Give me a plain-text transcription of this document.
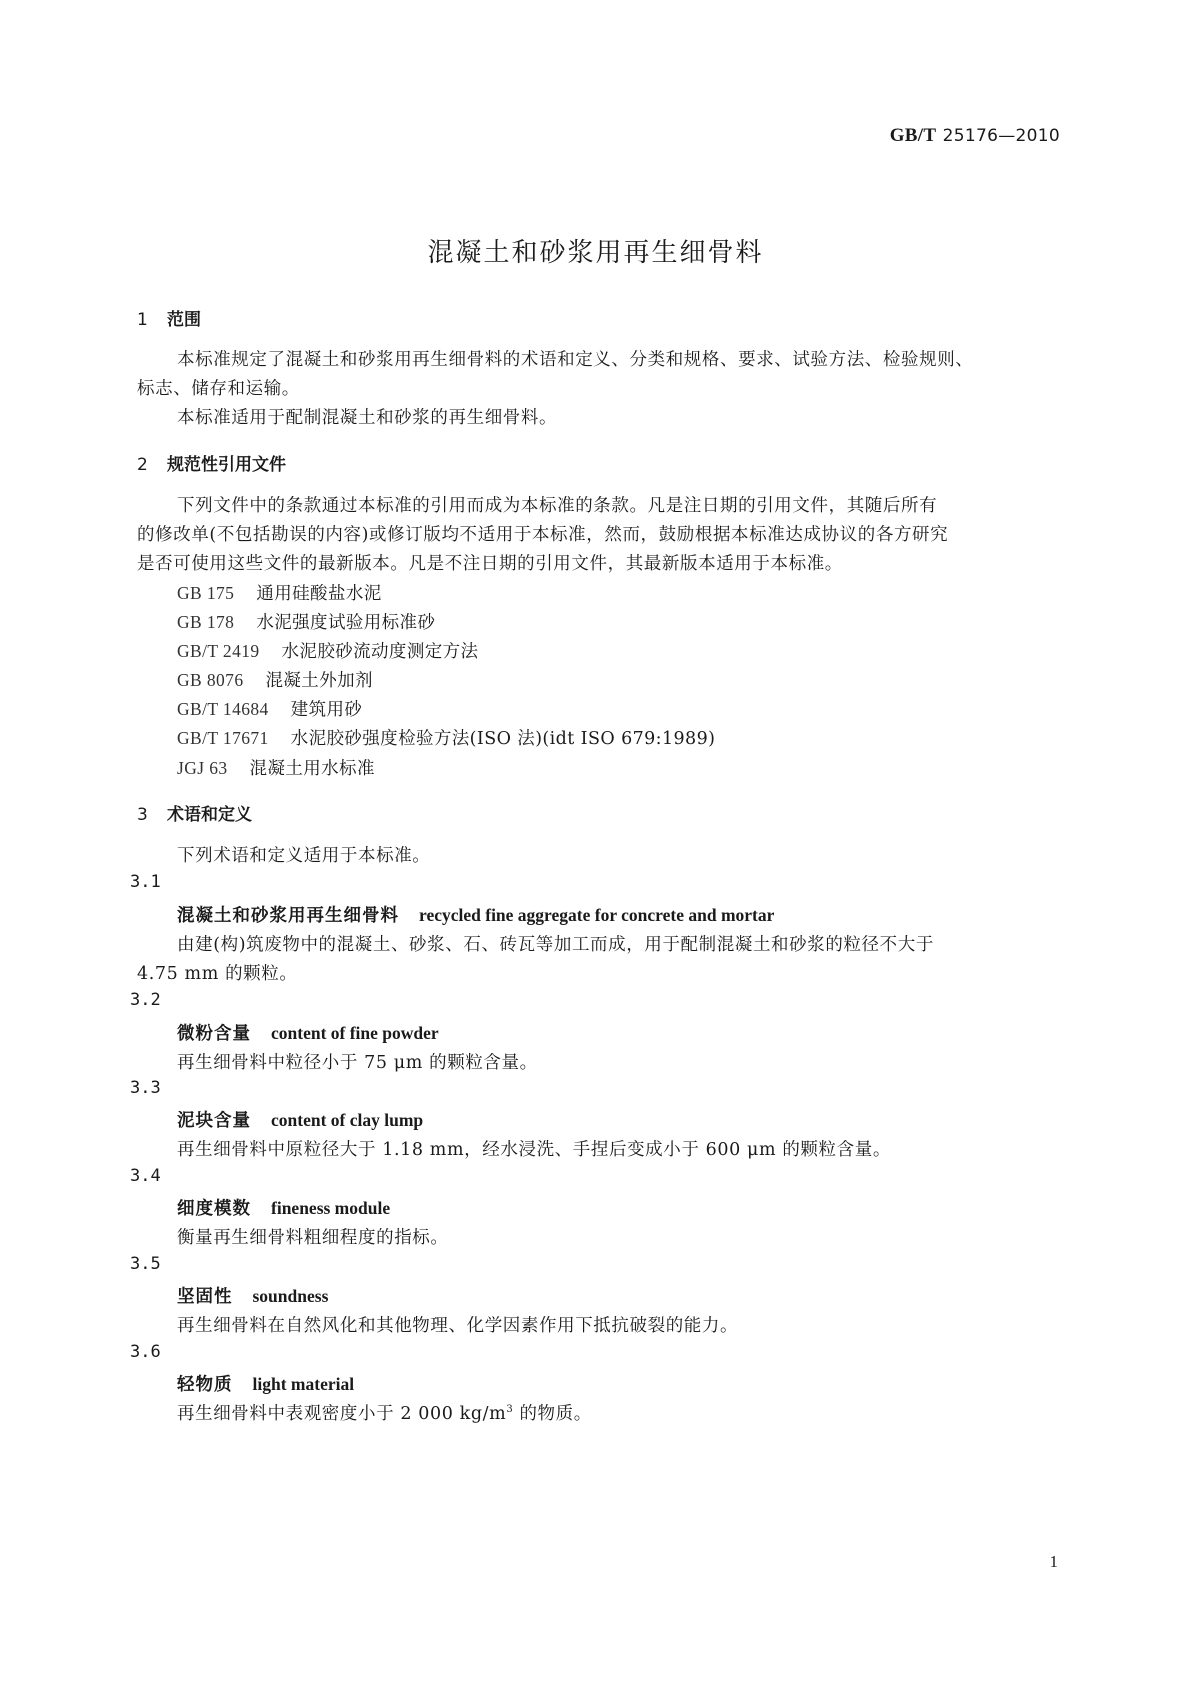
GB/T 25176—2010
混凝土和砂浆用再生细骨料
1 范围
本标准规定了混凝土和砂浆用再生细骨料的术语和定义、分类和规格、要求、试验方法、检验规则、
标志、储存和运输。
本标准适用于配制混凝土和砂浆的再生细骨料。
2 规范性引用文件
下列文件中的条款通过本标准的引用而成为本标准的条款。凡是注日期的引用文件，其随后所有
的修改单(不包括勘误的内容)或修订版均不适用于本标准，然而，鼓励根据本标准达成协议的各方研究
是否可使用这些文件的最新版本。凡是不注日期的引用文件，其最新版本适用于本标准。
GB 175 通用硅酸盐水泥
GB 178 水泥强度试验用标准砂
GB/T 2419 水泥胶砂流动度测定方法
GB 8076 混凝土外加剂
GB/T 14684 建筑用砂
GB/T 17671 水泥胶砂强度检验方法(ISO 法)(idt ISO 679:1989)
JGJ 63 混凝土用水标准
3 术语和定义
下列术语和定义适用于本标准。
3.1
混凝土和砂浆用再生细骨料 recycled fine aggregate for concrete and mortar
由建(构)筑废物中的混凝土、砂浆、石、砖瓦等加工而成，用于配制混凝土和砂浆的粒径不大于
4.75 mm 的颗粒。
3.2
微粉含量 content of fine powder
再生细骨料中粒径小于 75 μm 的颗粒含量。
3.3
泥块含量 content of clay lump
再生细骨料中原粒径大于 1.18 mm，经水浸洗、手捏后变成小于 600 μm 的颗粒含量。
3.4
细度模数 fineness module
衡量再生细骨料粗细程度的指标。
3.5
坚固性 soundness
再生细骨料在自然风化和其他物理、化学因素作用下抵抗破裂的能力。
3.6
轻物质 light material
再生细骨料中表观密度小于 2 000 $kg/m^3$ 的物质。
1
